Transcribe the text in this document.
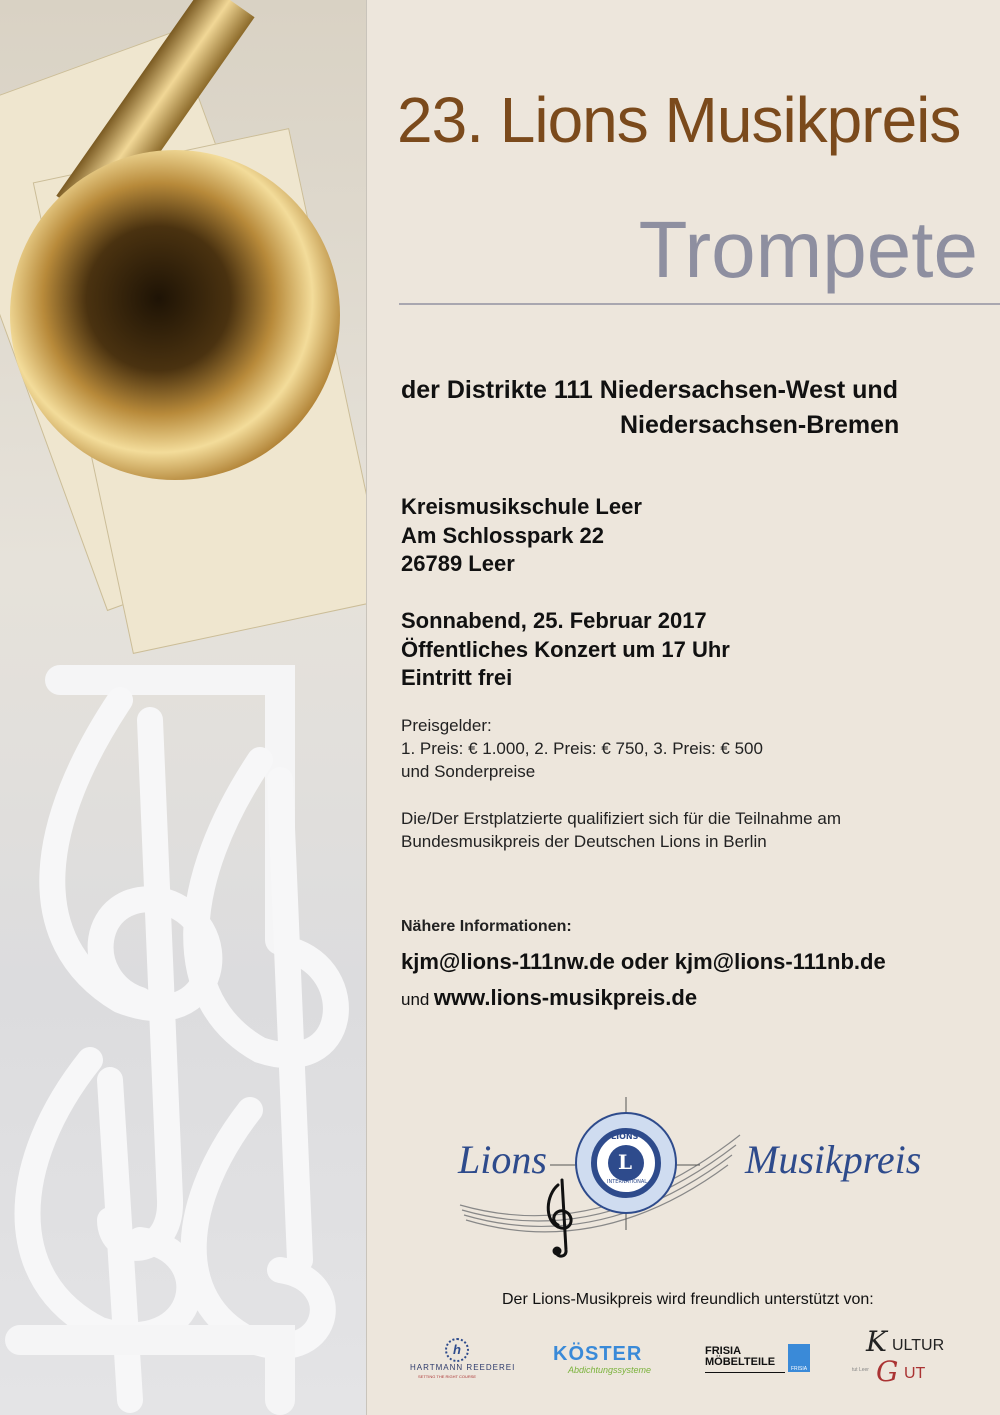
23. Lions Musikpreis
Trompete
der Distrikte 111 Niedersachsen-West und
Niedersachsen-Bremen
Kreismusikschule Leer
Am Schlosspark 22
26789 Leer
Sonnabend, 25. Februar 2017
Öffentliches Konzert um 17 Uhr
Eintritt frei
Preisgelder:
1. Preis: € 1.000, 2. Preis: € 750, 3. Preis: € 500
und Sonderpreise
Die/Der Erstplatzierte qualifiziert sich für die Teilnahme am
Bundesmusikpreis der Deutschen Lions in Berlin
Nähere Informationen:
kjm@lions-111nw.de oder kjm@lions-111nb.de
und www.lions-musikpreis.de
L
LIONS
INTERNATIONAL
Lions	Musikpreis
Der Lions-Musikpreis wird freundlich unterstützt von:
h
HARTMANN REEDEREI
SETTING THE RIGHT COURSE
KÖSTER
Abdichtungssysteme
FRISIA MÖBELTEILE
FRISIA
K ULTUR
G UT
tut Leer
